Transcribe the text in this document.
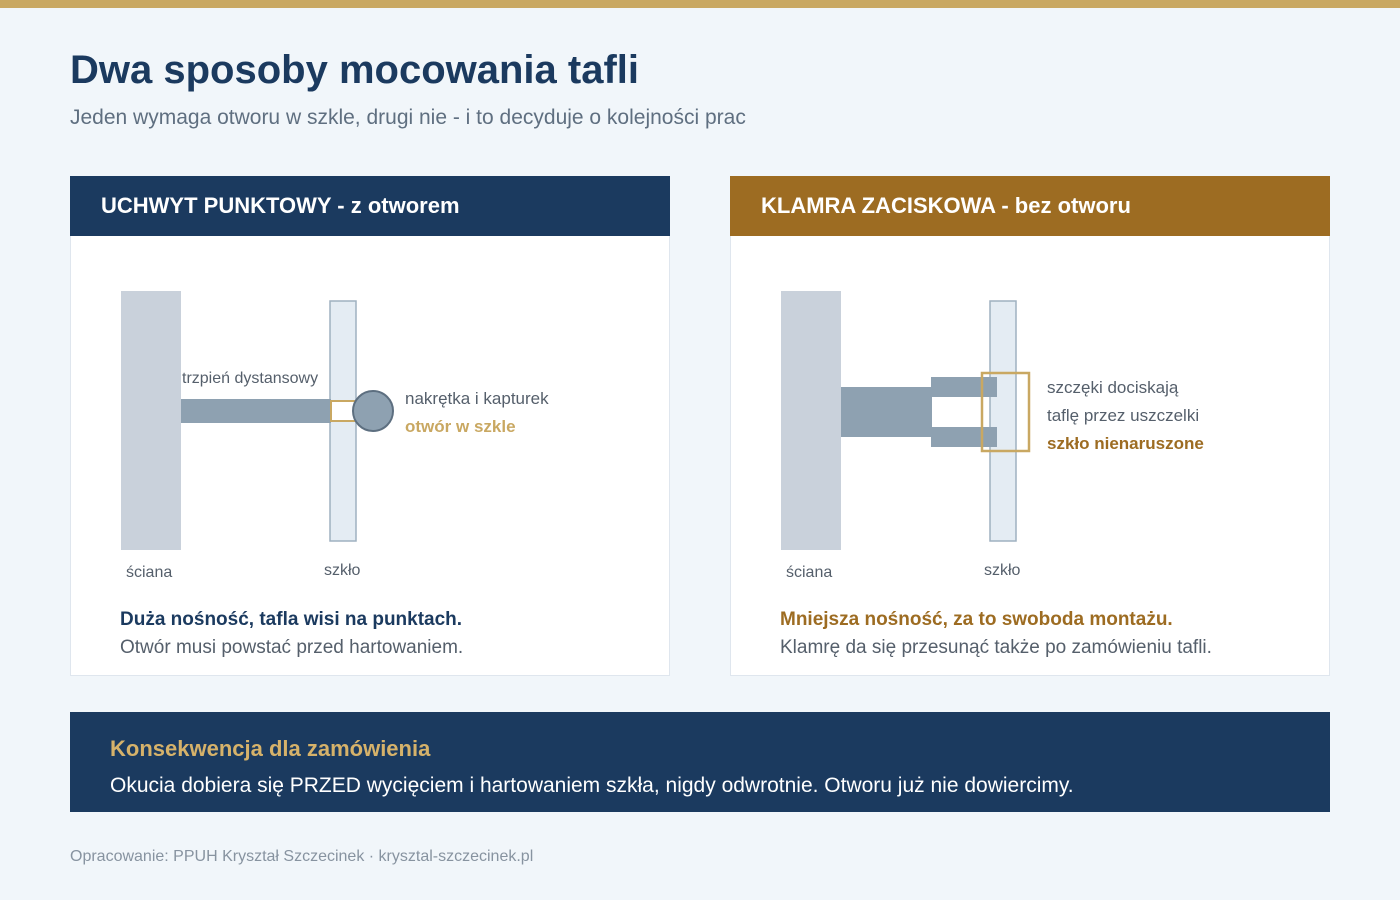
Dwa sposoby mocowania tafli
Jeden wymaga otworu w szkle, drugi nie - i to decyduje o kolejności prac
UCHWYT PUNKTOWY - z otworem
trzpień dystansowy
nakrętka i kapturek
otwór w szkle
ściana	szkło
Duża nośność, tafla wisi na punktach.
Otwór musi powstać przed hartowaniem.
KLAMRA ZACISKOWA - bez otworu
szczęki dociskają
taflę przez uszczelki
szkło nienaruszone
ściana	szkło
Mniejsza nośność, za to swoboda montażu.
Klamrę da się przesunąć także po zamówieniu tafli.
Konsekwencja dla zamówienia
Okucia dobiera się PRZED wycięciem i hartowaniem szkła, nigdy odwrotnie. Otworu już nie dowiercimy.
Opracowanie: PPUH Kryształ Szczecinek · krysztal-szczecinek.pl
